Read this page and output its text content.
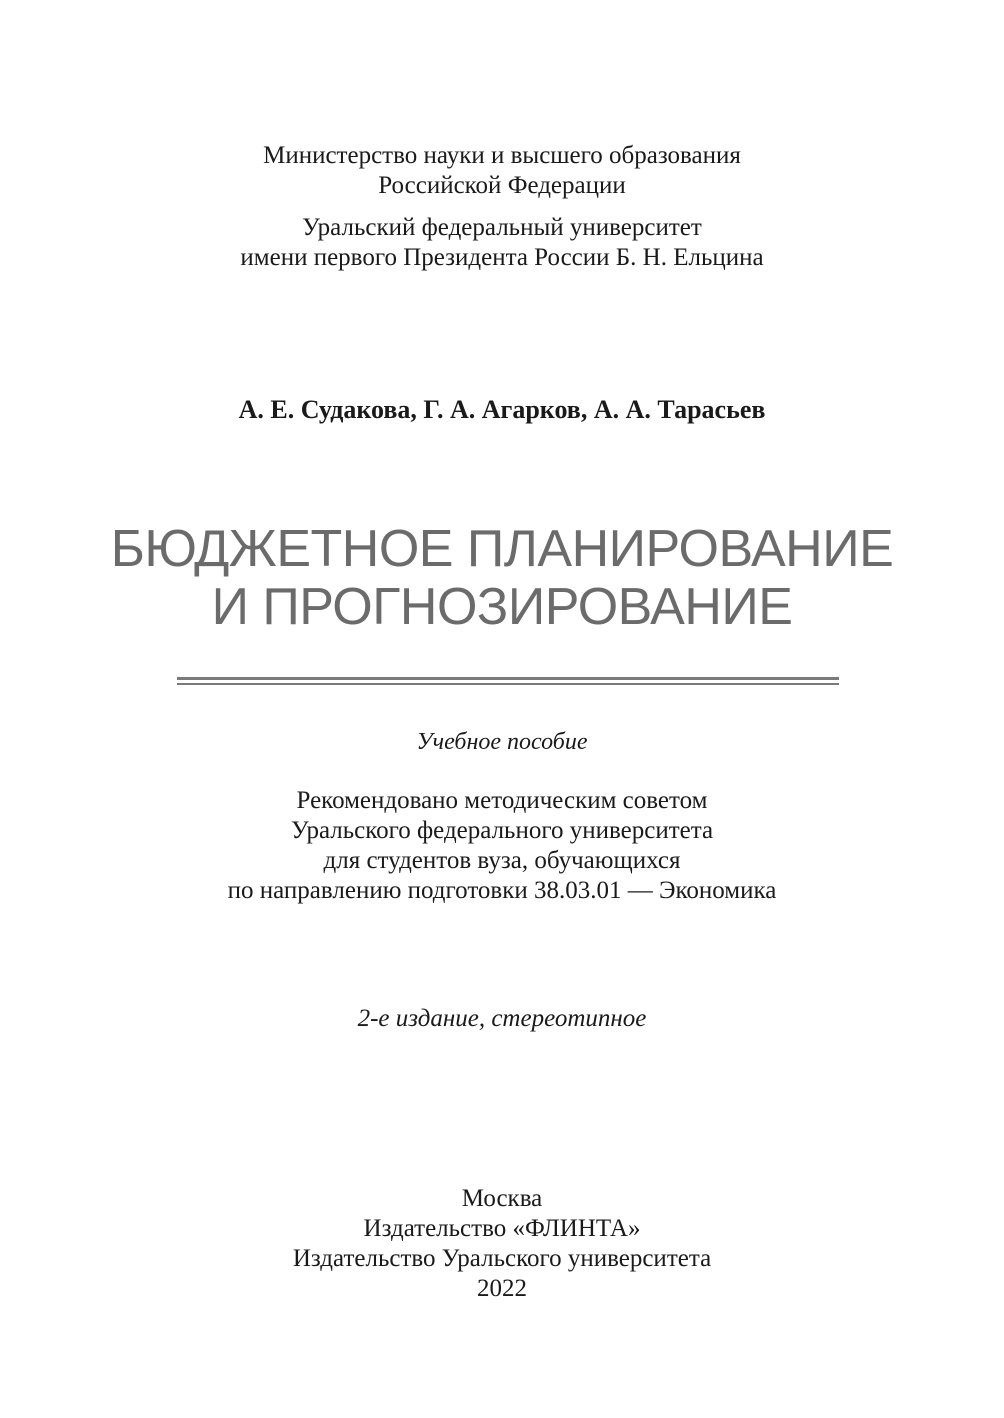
Министерство науки и высшего образования
Российской Федерации
Уральский федеральный университет
имени первого Президента России Б. Н. Ельцина
А. Е. Судакова, Г. А. Агарков, А. А. Тарасьев
БЮДЖЕТНОЕ ПЛАНИРОВАНИЕ
И ПРОГНОЗИРОВАНИЕ
Учебное пособие
Рекомендовано методическим советом
Уральского федерального университета
для студентов вуза, обучающихся
по направлению подготовки 38.03.01 — Экономика
2-е издание, стереотипное
Москва
Издательство «ФЛИНТА»
Издательство Уральского университета
2022
